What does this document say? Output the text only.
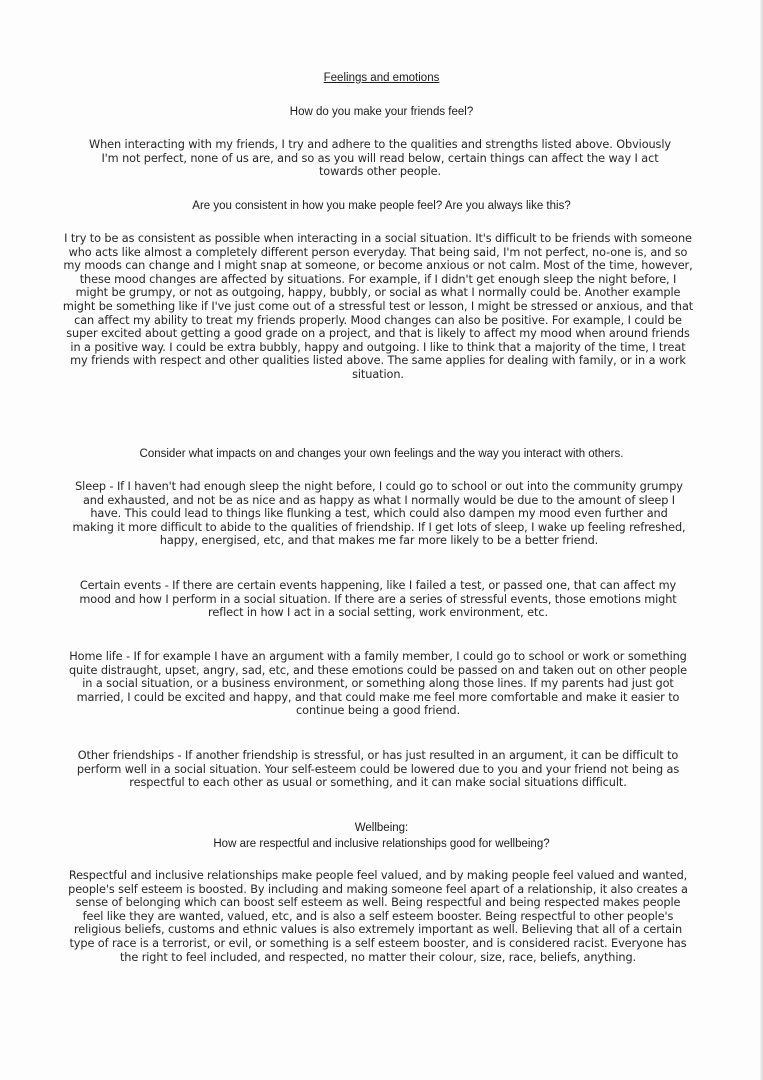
Feelings and emotions
How do you make your friends feel?
When interacting with my friends, I try and adhere to the qualities and strengths listed above. Obviously I'm not perfect, none of us are, and so as you will read below, certain things can affect the way I act towards other people.
Are you consistent in how you make people feel? Are you always like this?
I try to be as consistent as possible when interacting in a social situation. It's difficult to be friends with someone who acts like almost a completely different person everyday. That being said, I'm not perfect, no-one is, and so my moods can change and I might snap at someone, or become anxious or not calm. Most of the time, however, these mood changes are affected by situations. For example, if I didn't get enough sleep the night before, I might be grumpy, or not as outgoing, happy, bubbly, or social as what I normally could be. Another example might be something like if I've just come out of a stressful test or lesson, I might be stressed or anxious, and that can affect my ability to treat my friends properly. Mood changes can also be positive. For example, I could be super excited about getting a good grade on a project, and that is likely to affect my mood when around friends in a positive way. I could be extra bubbly, happy and outgoing. I like to think that a majority of the time, I treat my friends with respect and other qualities listed above. The same applies for dealing with family, or in a work situation.
Consider what impacts on and changes your own feelings and the way you interact with others.
Sleep - If I haven't had enough sleep the night before, I could go to school or out into the community grumpy and exhausted, and not be as nice and as happy as what I normally would be due to the amount of sleep I have. This could lead to things like flunking a test, which could also dampen my mood even further and making it more difficult to abide to the qualities of friendship. If I get lots of sleep, I wake up feeling refreshed, happy, energised, etc, and that makes me far more likely to be a better friend.
Certain events - If there are certain events happening, like I failed a test, or passed one, that can affect my mood and how I perform in a social situation. If there are a series of stressful events, those emotions might reflect in how I act in a social setting, work environment, etc.
Home life - If for example I have an argument with a family member, I could go to school or work or something quite distraught, upset, angry, sad, etc, and these emotions could be passed on and taken out on other people in a social situation, or a business environment, or something along those lines. If my parents had just got married, I could be excited and happy, and that could make me feel more comfortable and make it easier to continue being a good friend.
Other friendships - If another friendship is stressful, or has just resulted in an argument, it can be difficult to perform well in a social situation. Your self-esteem could be lowered due to you and your friend not being as respectful to each other as usual or something, and it can make social situations difficult.
Wellbeing:
How are respectful and inclusive relationships good for wellbeing?
Respectful and inclusive relationships make people feel valued, and by making people feel valued and wanted, people's self esteem is boosted. By including and making someone feel apart of a relationship, it also creates a sense of belonging which can boost self esteem as well. Being respectful and being respected makes people feel like they are wanted, valued, etc, and is also a self esteem booster. Being respectful to other people's religious beliefs, customs and ethnic values is also extremely important as well. Believing that all of a certain type of race is a terrorist, or evil, or something is a self esteem booster, and is considered racist. Everyone has the right to feel included, and respected, no matter their colour, size, race, beliefs, anything.
